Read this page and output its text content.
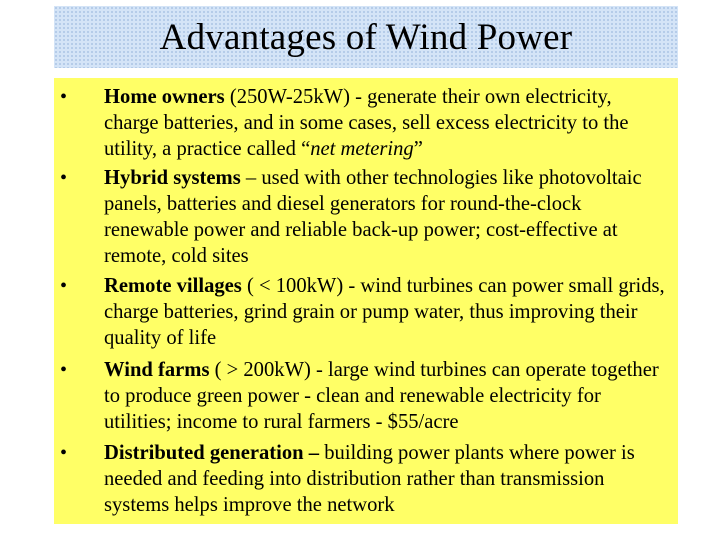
Advantages of Wind Power
• Home owners (250W-25kW) - generate their own electricity, charge batteries, and in some cases, sell excess electricity to the utility, a practice called “net metering”
• Hybrid systems – used with other technologies like photovoltaic panels, batteries and diesel generators for round-the-clock renewable power and reliable back-up power; cost-effective at remote, cold sites
• Remote villages ( < 100kW) - wind turbines can power small grids, charge batteries, grind grain or pump water, thus improving their quality of life
• Wind farms ( > 200kW) - large wind turbines can operate together to produce green power - clean and renewable electricity for utilities; income to rural farmers - $55/acre
• Distributed generation – building power plants where power is needed and feeding into distribution rather than transmission systems helps improve the network
